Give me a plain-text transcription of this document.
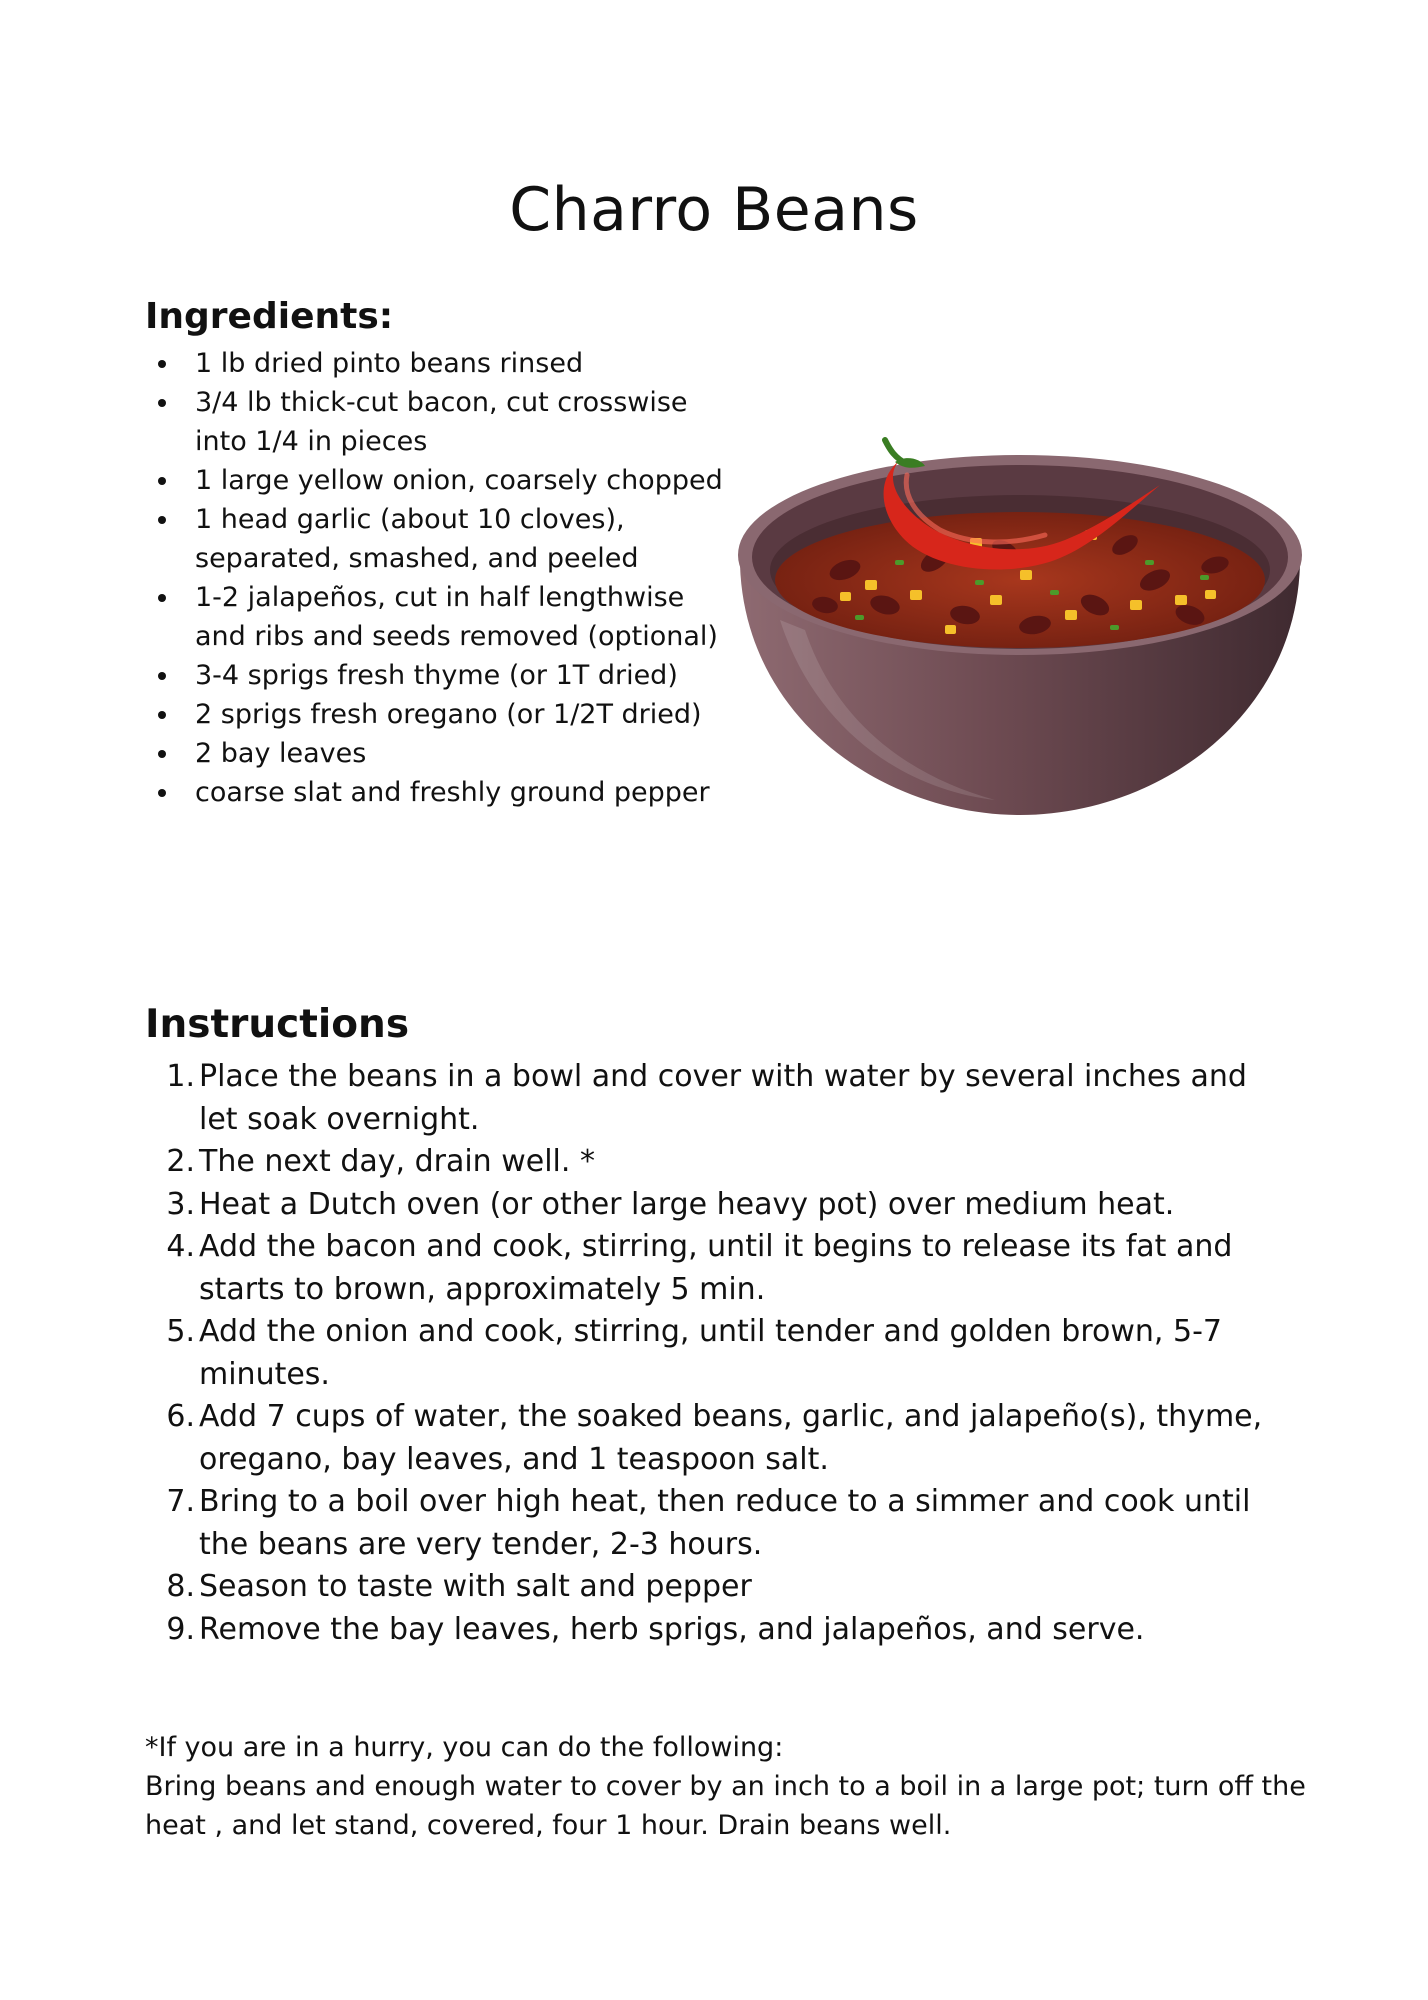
Charro Beans
Ingredients:
1 lb dried pinto beans rinsed
3/4 lb thick-cut bacon, cut crosswise into 1/4 in pieces
1 large yellow onion, coarsely chopped
1 head garlic (about 10 cloves), separated, smashed, and peeled
1-2 jalapeños, cut in half lengthwise and ribs and seeds removed (optional)
3-4 sprigs fresh thyme (or 1T dried)
2 sprigs fresh oregano (or 1/2T dried)
2 bay leaves
coarse slat and freshly ground pepper
Instructions
1. Place the beans in a bowl and cover with water by several inches and let soak overnight.
2. The next day, drain well. *
3. Heat a Dutch oven (or other large heavy pot) over medium heat.
4. Add the bacon and cook, stirring, until it begins to release its fat and starts to brown, approximately 5 min.
5. Add the onion and cook, stirring, until tender and golden brown, 5-7 minutes.
6. Add 7 cups of water, the soaked beans, garlic, and jalapeño(s), thyme, oregano, bay leaves, and 1 teaspoon salt.
7. Bring to a boil over high heat, then reduce to a simmer and cook until the beans are very tender, 2-3 hours.
8. Season to taste with salt and pepper
9. Remove the bay leaves, herb sprigs, and jalapeños, and serve.

*If you are in a hurry, you can do the following:

Bring beans and enough water to cover by an inch to a boil in a large pot; turn off the heat , and let stand, covered, four 1 hour. Drain beans well.
